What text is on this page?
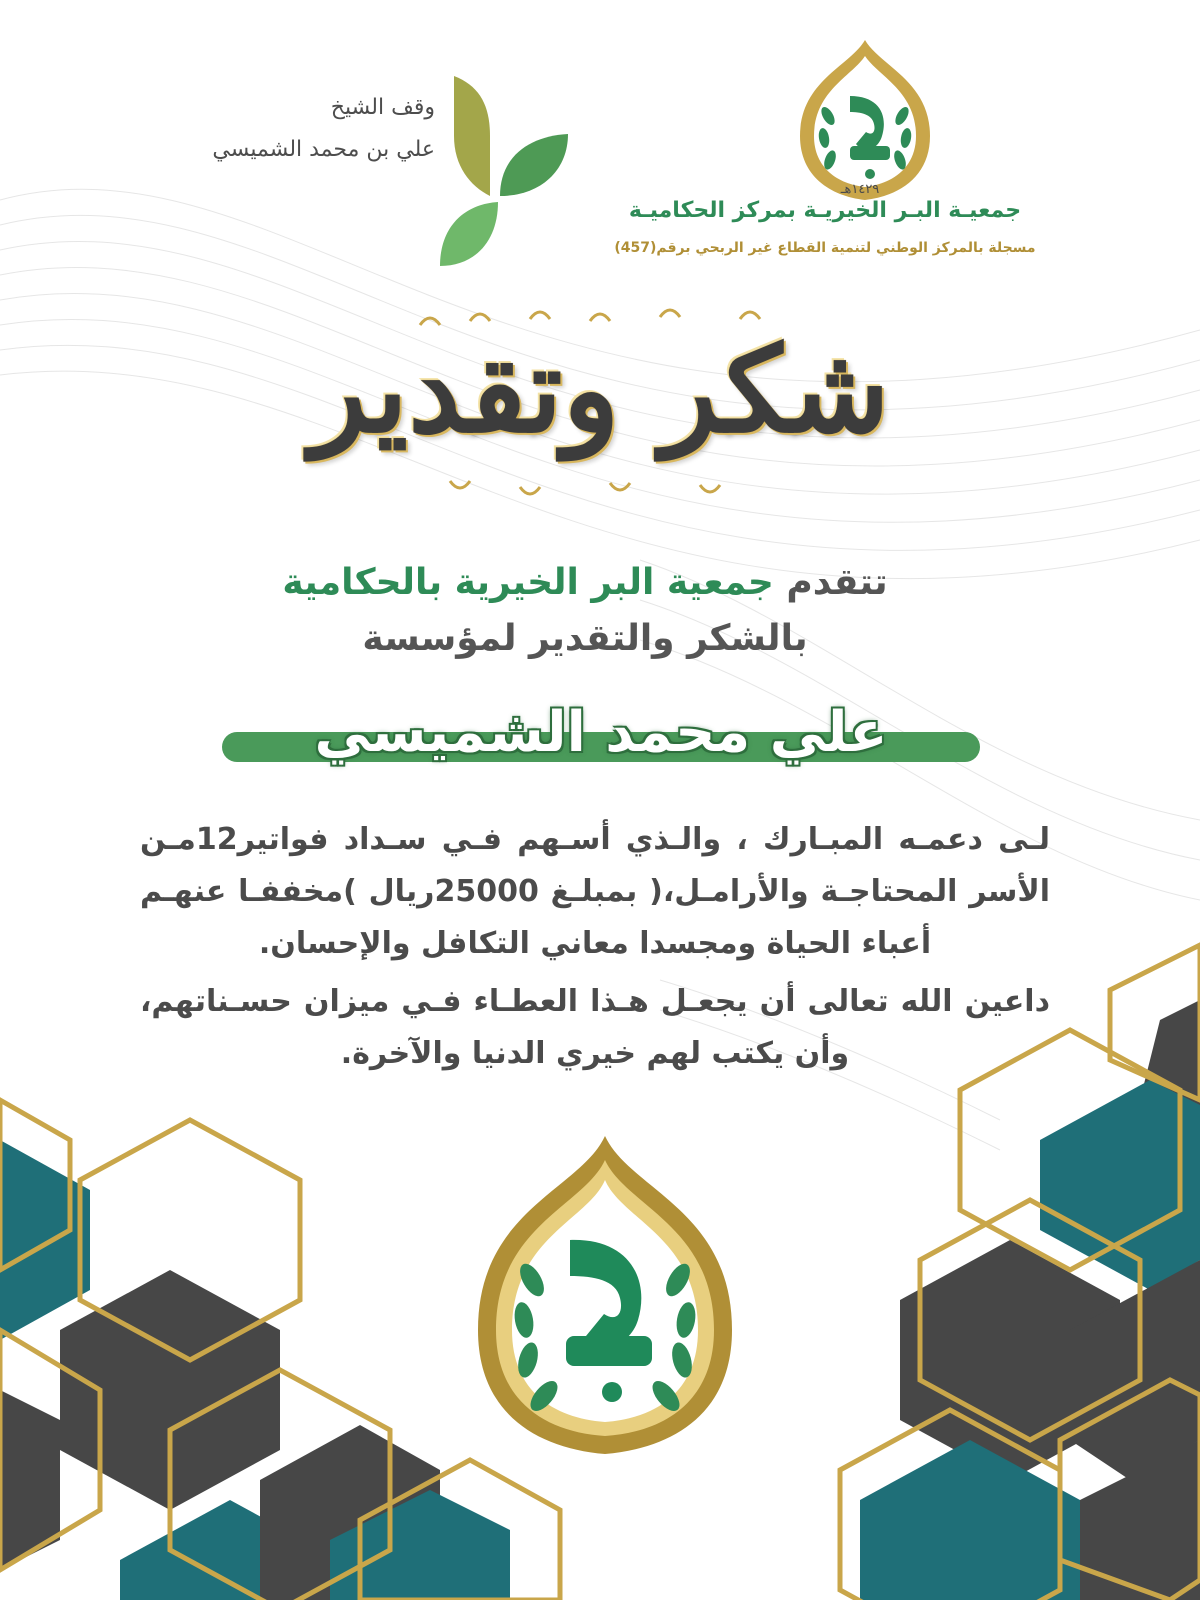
١٤٢٩هـ
جمعيـة البـر الخيريـة بمركز الحكاميـة
مسجلة بالمركز الوطني لتنمية القطاع غير الربحي برقم(457)
وقف الشيخ
علي بن محمد الشميسي
شكر وتقدير
تتقدم جمعية البر الخيرية بالحكامية
بالشكر والتقدير لمؤسسة
علي محمد الشميسي
لـى دعمـه المبـارك ، والـذي أسـهم فـي سـداد فواتير12مـن
الأسر المحتاجـة والأرامـل،( بمبلـغ 25000ريال )مخففـا عنهـم
أعباء الحياة ومجسدا معاني التكافل والإحسان.
داعين الله تعالى أن يجعـل هـذا العطـاء فـي ميزان حسـناتهم،
وأن يكتب لهم خيري الدنيا والآخرة.
